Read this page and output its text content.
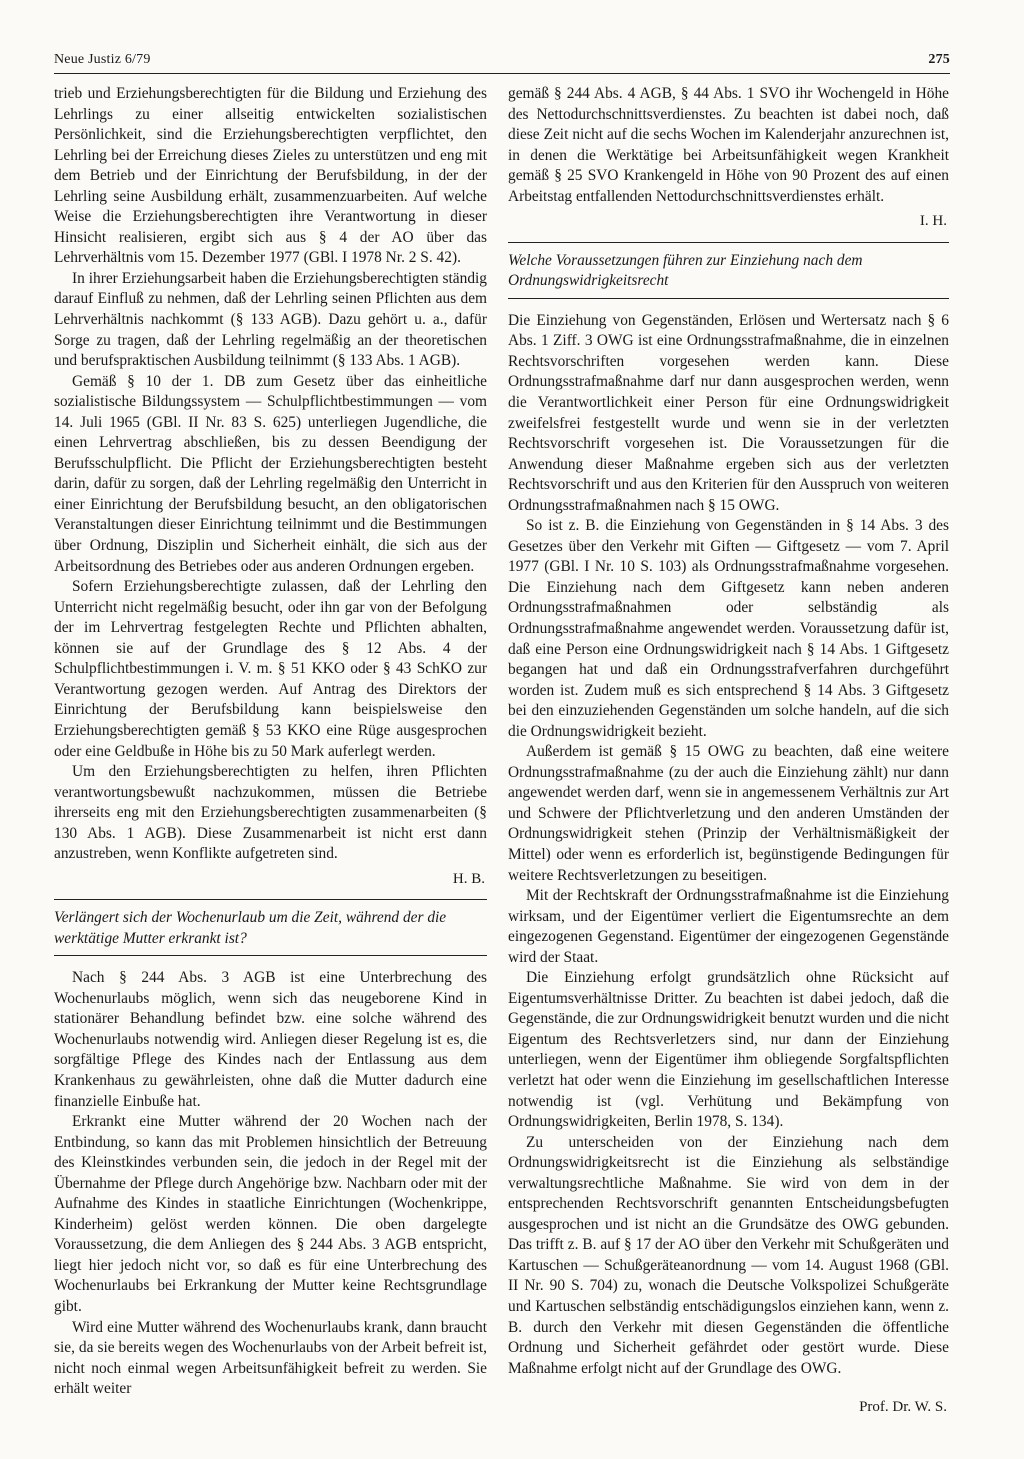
Neue Justiz 6/79	275

trieb und Erziehungsberechtigten für die Bildung und Erziehung des Lehrlings zu einer allseitig entwickelten sozialistischen Persönlichkeit, sind die Erziehungsberechtigten verpflichtet, den Lehrling bei der Erreichung dieses Zieles zu unterstützen und eng mit dem Betrieb und der Einrichtung der Berufsbildung, in der der Lehrling seine Ausbildung erhält, zusammenzuarbeiten. Auf welche Weise die Erziehungsberechtigten ihre Verantwortung in dieser Hinsicht realisieren, ergibt sich aus § 4 der AO über das Lehrverhältnis vom 15. Dezember 1977 (GBl. I 1978 Nr. 2 S. 42).

In ihrer Erziehungsarbeit haben die Erziehungsberechtigten ständig darauf Einfluß zu nehmen, daß der Lehrling seinen Pflichten aus dem Lehrverhältnis nachkommt (§ 133 AGB). Dazu gehört u. a., dafür Sorge zu tragen, daß der Lehrling regelmäßig an der theoretischen und berufspraktischen Ausbildung teilnimmt (§ 133 Abs. 1 AGB).

Gemäß § 10 der 1. DB zum Gesetz über das einheitliche sozialistische Bildungssystem — Schulpflichtbestimmungen — vom 14. Juli 1965 (GBl. II Nr. 83 S. 625) unterliegen Jugendliche, die einen Lehrvertrag abschließen, bis zu dessen Beendigung der Berufsschulpflicht. Die Pflicht der Erziehungsberechtigten besteht darin, dafür zu sorgen, daß der Lehrling regelmäßig den Unterricht in einer Einrichtung der Berufsbildung besucht, an den obligatorischen Veranstaltungen dieser Einrichtung teilnimmt und die Bestimmungen über Ordnung, Disziplin und Sicherheit einhält, die sich aus der Arbeitsordnung des Betriebes oder aus anderen Ordnungen ergeben.

Sofern Erziehungsberechtigte zulassen, daß der Lehrling den Unterricht nicht regelmäßig besucht, oder ihn gar von der Befolgung der im Lehrvertrag festgelegten Rechte und Pflichten abhalten, können sie auf der Grundlage des § 12 Abs. 4 der Schulpflichtbestimmungen i. V. m. § 51 KKO oder § 43 SchKO zur Verantwortung gezogen werden. Auf Antrag des Direktors der Einrichtung der Berufsbildung kann beispielsweise den Erziehungsberechtigten gemäß § 53 KKO eine Rüge ausgesprochen oder eine Geldbuße in Höhe bis zu 50 Mark auferlegt werden.

Um den Erziehungsberechtigten zu helfen, ihren Pflichten verantwortungsbewußt nachzukommen, müssen die Betriebe ihrerseits eng mit den Erziehungsberechtigten zusammenarbeiten (§ 130 Abs. 1 AGB). Diese Zusammenarbeit ist nicht erst dann anzustreben, wenn Konflikte aufgetreten sind.

H. B.
Verlängert sich der Wochenurlaub um die Zeit, während der die werktätige Mutter erkrankt ist?

Nach § 244 Abs. 3 AGB ist eine Unterbrechung des Wochenurlaubs möglich, wenn sich das neugeborene Kind in stationärer Behandlung befindet bzw. eine solche während des Wochenurlaubs notwendig wird. Anliegen dieser Regelung ist es, die sorgfältige Pflege des Kindes nach der Entlassung aus dem Krankenhaus zu gewährleisten, ohne daß die Mutter dadurch eine finanzielle Einbuße hat.

Erkrankt eine Mutter während der 20 Wochen nach der Entbindung, so kann das mit Problemen hinsichtlich der Betreuung des Kleinstkindes verbunden sein, die jedoch in der Regel mit der Übernahme der Pflege durch Angehörige bzw. Nachbarn oder mit der Aufnahme des Kindes in staatliche Einrichtungen (Wochenkrippe, Kinderheim) gelöst werden können. Die oben dargelegte Voraussetzung, die dem Anliegen des § 244 Abs. 3 AGB entspricht, liegt hier jedoch nicht vor, so daß es für eine Unterbrechung des Wochenurlaubs bei Erkrankung der Mutter keine Rechtsgrundlage gibt.

Wird eine Mutter während des Wochenurlaubs krank, dann braucht sie, da sie bereits wegen des Wochenurlaubs von der Arbeit befreit ist, nicht noch einmal wegen Arbeitsunfähigkeit befreit zu werden. Sie erhält weiter

gemäß § 244 Abs. 4 AGB, § 44 Abs. 1 SVO ihr Wochengeld in Höhe des Nettodurchschnittsverdienstes. Zu beachten ist dabei noch, daß diese Zeit nicht auf die sechs Wochen im Kalenderjahr anzurechnen ist, in denen die Werktätige bei Arbeitsunfähigkeit wegen Krankheit gemäß § 25 SVO Krankengeld in Höhe von 90 Prozent des auf einen Arbeitstag entfallenden Nettodurchschnittsverdienstes erhält.

I. H.
Welche Voraussetzungen führen zur Einziehung nach dem Ordnungswidrigkeitsrecht

Die Einziehung von Gegenständen, Erlösen und Wertersatz nach § 6 Abs. 1 Ziff. 3 OWG ist eine Ordnungsstrafmaßnahme, die in einzelnen Rechtsvorschriften vorgesehen werden kann. Diese Ordnungsstrafmaßnahme darf nur dann ausgesprochen werden, wenn die Verantwortlichkeit einer Person für eine Ordnungswidrigkeit zweifelsfrei festgestellt wurde und wenn sie in der verletzten Rechtsvorschrift vorgesehen ist. Die Voraussetzungen für die Anwendung dieser Maßnahme ergeben sich aus der verletzten Rechtsvorschrift und aus den Kriterien für den Ausspruch von weiteren Ordnungsstrafmaßnahmen nach § 15 OWG.

So ist z. B. die Einziehung von Gegenständen in § 14 Abs. 3 des Gesetzes über den Verkehr mit Giften — Giftgesetz — vom 7. April 1977 (GBl. I Nr. 10 S. 103) als Ordnungsstrafmaßnahme vorgesehen. Die Einziehung nach dem Giftgesetz kann neben anderen Ordnungsstrafmaßnahmen oder selbständig als Ordnungsstrafmaßnahme angewendet werden. Voraussetzung dafür ist, daß eine Person eine Ordnungswidrigkeit nach § 14 Abs. 1 Giftgesetz begangen hat und daß ein Ordnungsstrafverfahren durchgeführt worden ist. Zudem muß es sich entsprechend § 14 Abs. 3 Giftgesetz bei den einzuziehenden Gegenständen um solche handeln, auf die sich die Ordnungswidrigkeit bezieht.

Außerdem ist gemäß § 15 OWG zu beachten, daß eine weitere Ordnungsstrafmaßnahme (zu der auch die Einziehung zählt) nur dann angewendet werden darf, wenn sie in angemessenem Verhältnis zur Art und Schwere der Pflichtverletzung und den anderen Umständen der Ordnungswidrigkeit stehen (Prinzip der Verhältnismäßigkeit der Mittel) oder wenn es erforderlich ist, begünstigende Bedingungen für weitere Rechtsverletzungen zu beseitigen.

Mit der Rechtskraft der Ordnungsstrafmaßnahme ist die Einziehung wirksam, und der Eigentümer verliert die Eigentumsrechte an dem eingezogenen Gegenstand. Eigentümer der eingezogenen Gegenstände wird der Staat.

Die Einziehung erfolgt grundsätzlich ohne Rücksicht auf Eigentumsverhältnisse Dritter. Zu beachten ist dabei jedoch, daß die Gegenstände, die zur Ordnungswidrigkeit benutzt wurden und die nicht Eigentum des Rechtsverletzers sind, nur dann der Einziehung unterliegen, wenn der Eigentümer ihm obliegende Sorgfaltspflichten verletzt hat oder wenn die Einziehung im gesellschaftlichen Interesse notwendig ist (vgl. Verhütung und Bekämpfung von Ordnungswidrigkeiten, Berlin 1978, S. 134).

Zu unterscheiden von der Einziehung nach dem Ordnungswidrigkeitsrecht ist die Einziehung als selbständige verwaltungsrechtliche Maßnahme. Sie wird von dem in der entsprechenden Rechtsvorschrift genannten Entscheidungsbefugten ausgesprochen und ist nicht an die Grundsätze des OWG gebunden. Das trifft z. B. auf § 17 der AO über den Verkehr mit Schußgeräten und Kartuschen — Schußgeräteanordnung — vom 14. August 1968 (GBl. II Nr. 90 S. 704) zu, wonach die Deutsche Volkspolizei Schußgeräte und Kartuschen selbständig entschädigungslos einziehen kann, wenn z. B. durch den Verkehr mit diesen Gegenständen die öffentliche Ordnung und Sicherheit gefährdet oder gestört wurde. Diese Maßnahme erfolgt nicht auf der Grundlage des OWG.

Prof. Dr. W. S.
